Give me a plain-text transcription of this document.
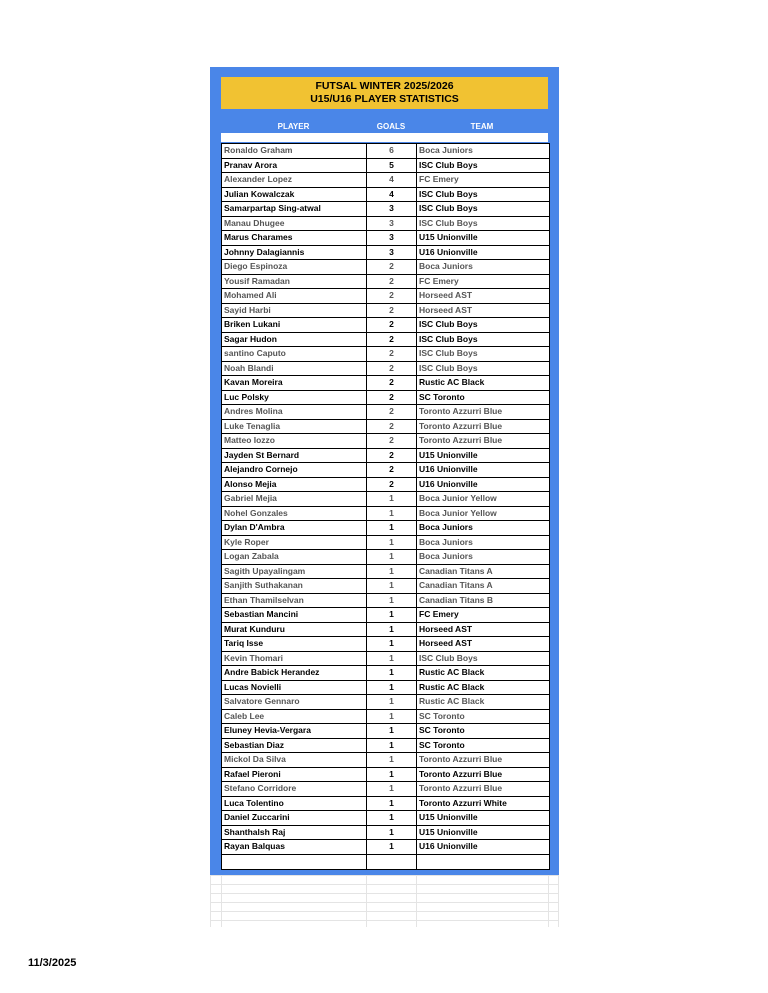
FUTSAL WINTER 2025/2026
U15/U16 PLAYER STATISTICS
PLAYER	GOALS	TEAM
Ronaldo Graham	6	Boca Juniors
Pranav Arora	5	ISC Club Boys
Alexander Lopez	4	FC Emery
Julian Kowalczak	4	ISC Club Boys
Samarpartap Sing-atwal	3	ISC Club Boys
Manau Dhugee	3	ISC Club Boys
Marus Charames	3	U15 Unionville
Johnny Dalagiannis	3	U16 Unionville
Diego Espinoza	2	Boca Juniors
Yousif Ramadan	2	FC Emery
Mohamed Ali	2	Horseed AST
Sayid Harbi	2	Horseed AST
Briken Lukani	2	ISC Club Boys
Sagar Hudon	2	ISC Club Boys
santino Caputo	2	ISC Club Boys
Noah Blandi	2	ISC Club Boys
Kavan Moreira	2	Rustic AC Black
Luc Polsky	2	SC Toronto
Andres Molina	2	Toronto Azzurri Blue
Luke Tenaglia	2	Toronto Azzurri Blue
Matteo Iozzo	2	Toronto Azzurri Blue
Jayden St Bernard	2	U15 Unionville
Alejandro Cornejo	2	U16 Unionville
Alonso Mejia	2	U16 Unionville
Gabriel Mejia	1	Boca Junior Yellow
Nohel Gonzales	1	Boca Junior Yellow
Dylan D'Ambra	1	Boca Juniors
Kyle Roper	1	Boca Juniors
Logan Zabala	1	Boca Juniors
Sagith Upayalingam	1	Canadian Titans A
Sanjith Suthakanan	1	Canadian Titans A
Ethan Thamilselvan	1	Canadian Titans B
Sebastian Mancini	1	FC Emery
Murat Kunduru	1	Horseed AST
Tariq Isse	1	Horseed AST
Kevin Thomari	1	ISC Club Boys
Andre Babick Herandez	1	Rustic AC Black
Lucas Novielli	1	Rustic AC Black
Salvatore Gennaro	1	Rustic AC Black
Caleb Lee	1	SC Toronto
Eluney Hevia-Vergara	1	SC Toronto
Sebastian Diaz	1	SC Toronto
Mickol Da Silva	1	Toronto Azzurri Blue
Rafael Pieroni	1	Toronto Azzurri Blue
Stefano Corridore	1	Toronto Azzurri Blue
Luca Tolentino	1	Toronto Azzurri White
Daniel Zuccarini	1	U15 Unionville
Shanthalsh Raj	1	U15 Unionville
Rayan Balquas	1	U16 Unionville
11/3/2025
